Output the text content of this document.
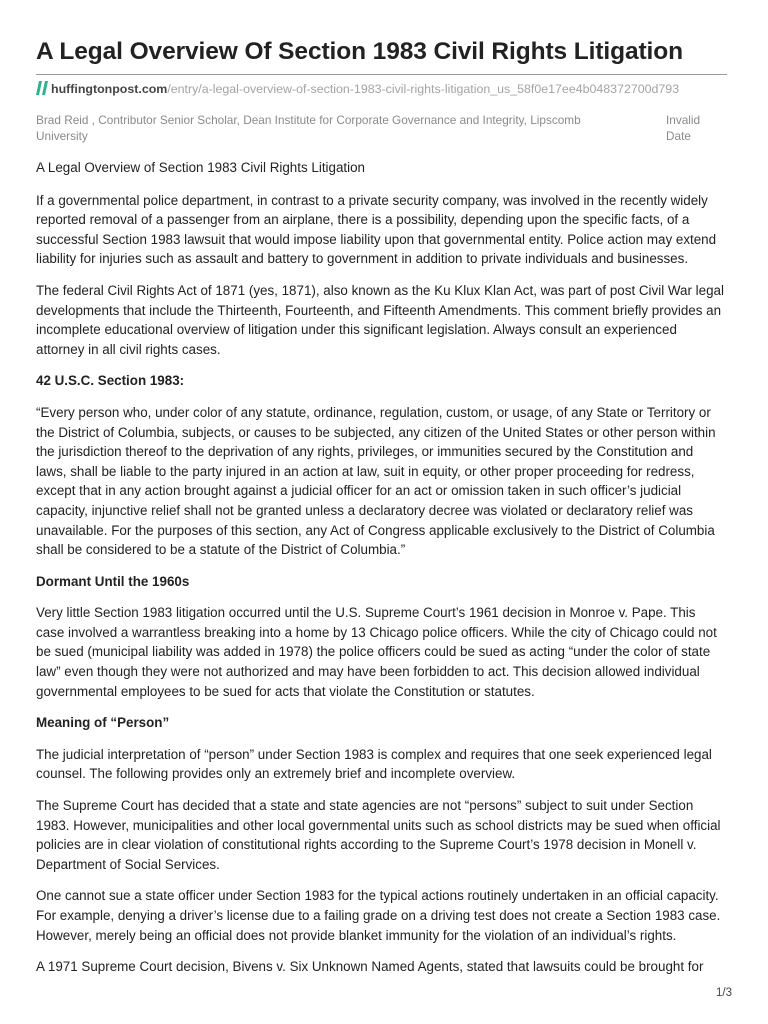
A Legal Overview Of Section 1983 Civil Rights Litigation
huffingtonpost.com/entry/a-legal-overview-of-section-1983-civil-rights-litigation_us_58f0e17ee4b048372700d793
Brad Reid , Contributor Senior Scholar, Dean Institute for Corporate Governance and Integrity, Lipscomb University
Invalid Date

A Legal Overview of Section 1983 Civil Rights Litigation

If a governmental police department, in contrast to a private security company, was involved in the recently widely reported removal of a passenger from an airplane, there is a possibility, depending upon the specific facts, of a successful Section 1983 lawsuit that would impose liability upon that governmental entity. Police action may extend liability for injuries such as assault and battery to government in addition to private individuals and businesses.

The federal Civil Rights Act of 1871 (yes, 1871), also known as the Ku Klux Klan Act, was part of post Civil War legal developments that include the Thirteenth, Fourteenth, and Fifteenth Amendments. This comment briefly provides an incomplete educational overview of litigation under this significant legislation. Always consult an experienced attorney in all civil rights cases.

42 U.S.C. Section 1983:

“Every person who, under color of any statute, ordinance, regulation, custom, or usage, of any State or Territory or the District of Columbia, subjects, or causes to be subjected, any citizen of the United States or other person within the jurisdiction thereof to the deprivation of any rights, privileges, or immunities secured by the Constitution and laws, shall be liable to the party injured in an action at law, suit in equity, or other proper proceeding for redress, except that in any action brought against a judicial officer for an act or omission taken in such officer’s judicial capacity, injunctive relief shall not be granted unless a declaratory decree was violated or declaratory relief was unavailable. For the purposes of this section, any Act of Congress applicable exclusively to the District of Columbia shall be considered to be a statute of the District of Columbia.”

Dormant Until the 1960s

Very little Section 1983 litigation occurred until the U.S. Supreme Court’s 1961 decision in Monroe v. Pape. This case involved a warrantless breaking into a home by 13 Chicago police officers. While the city of Chicago could not be sued (municipal liability was added in 1978) the police officers could be sued as acting “under the color of state law” even though they were not authorized and may have been forbidden to act. This decision allowed individual governmental employees to be sued for acts that violate the Constitution or statutes.

Meaning of “Person”

The judicial interpretation of “person” under Section 1983 is complex and requires that one seek experienced legal counsel. The following provides only an extremely brief and incomplete overview.

The Supreme Court has decided that a state and state agencies are not “persons” subject to suit under Section 1983. However, municipalities and other local governmental units such as school districts may be sued when official policies are in clear violation of constitutional rights according to the Supreme Court’s 1978 decision in Monell v. Department of Social Services.

One cannot sue a state officer under Section 1983 for the typical actions routinely undertaken in an official capacity. For example, denying a driver’s license due to a failing grade on a driving test does not create a Section 1983 case. However, merely being an official does not provide blanket immunity for the violation of an individual’s rights.

A 1971 Supreme Court decision, Bivens v. Six Unknown Named Agents, stated that lawsuits could be brought for

1/3
